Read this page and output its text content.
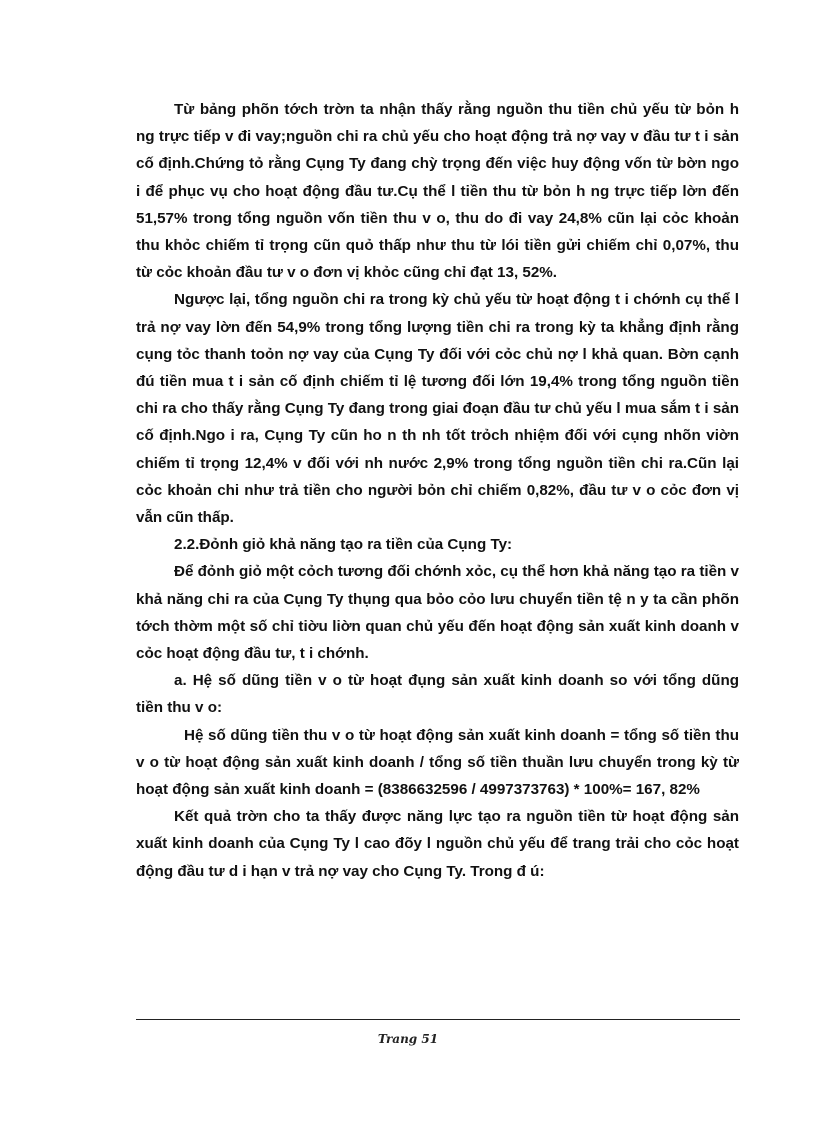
Từ bảng phõn tớch trờn ta nhận thấy rằng nguồn thu tiền chủ yếu từ bỏn h ng trực tiếp v đi vay;nguồn chi ra chủ yếu cho hoạt động trả nợ vay v đầu tư t i sản cố định.Chứng tỏ rằng Cụng Ty đang chỳ trọng đến việc huy động vốn từ bờn ngo i để phục vụ cho hoạt động đầu tư.Cụ thể l tiền thu từ bỏn h ng trực tiếp lờn đến 51,57% trong tổng nguồn vốn tiền thu v o, thu do đi vay 24,8% cũn lại cỏc khoản thu khỏc chiếm tỉ trọng cũn quỏ thấp như thu từ lói tiền gửi chiếm chỉ 0,07%, thu từ cỏc khoản đầu tư v o đơn vị khỏc cũng chỉ đạt 13, 52%.

Ngược lại, tổng nguồn chi ra trong kỳ chủ yếu từ hoạt động t i chớnh cụ thể l trả nợ vay lờn đến 54,9% trong tổng lượng tiền chi ra trong kỳ ta khẳng định rằng cụng tỏc thanh toỏn nợ vay của Cụng Ty đối với cỏc chủ nợ l khả quan. Bờn cạnh đú tiền mua t i sản cố định chiếm tỉ lệ tương đối lớn 19,4% trong tổng nguồn tiền chi ra cho thấy rằng Cụng Ty đang trong giai đoạn đầu tư chủ yếu l mua sắm t i sản cố định.Ngo i ra, Cụng Ty cũn ho n th nh tốt trỏch nhiệm đối với cụng nhõn viờn chiếm tỉ trọng 12,4% v đối với nh nước 2,9% trong tổng nguồn tiền chi ra.Cũn lại cỏc khoản chi như trả tiền cho người bỏn chỉ chiếm 0,82%, đầu tư v o cỏc đơn vị vẫn cũn thấp.

2.2.Đỏnh giỏ khả năng tạo ra tiền của Cụng Ty:

Để đỏnh giỏ một cỏch tương đối chớnh xỏc, cụ thể hơn khả năng tạo ra tiền v khả năng chi ra của Cụng Ty thụng qua bỏo cỏo lưu chuyển tiền tệ n y ta cần phõn tớch thờm một số chỉ tiờu liờn quan chủ yếu đến hoạt động sản xuất kinh doanh v cỏc hoạt động đầu tư, t i chớnh.

a. Hệ số dũng tiền v o từ hoạt đụng sản xuất kinh doanh so với tổng dũng tiền thu v o:

Hệ số dũng tiền thu v o từ hoạt động sản xuất kinh doanh = tổng số tiền thu v o từ hoạt động sản xuất kinh doanh / tổng số tiền thuần lưu chuyển trong kỳ từ hoạt động sản xuất kinh doanh = (8386632596 / 4997373763) * 100%= 167, 82%

Kết quả trờn cho ta thấy được năng lực tạo ra nguồn tiền từ hoạt động sản xuất kinh doanh của Cụng Ty l cao đõy l nguồn chủ yếu để trang trải cho cỏc hoạt động đầu tư d i hạn v trả nợ vay cho Cụng Ty. Trong đ ú:

Trang 51
